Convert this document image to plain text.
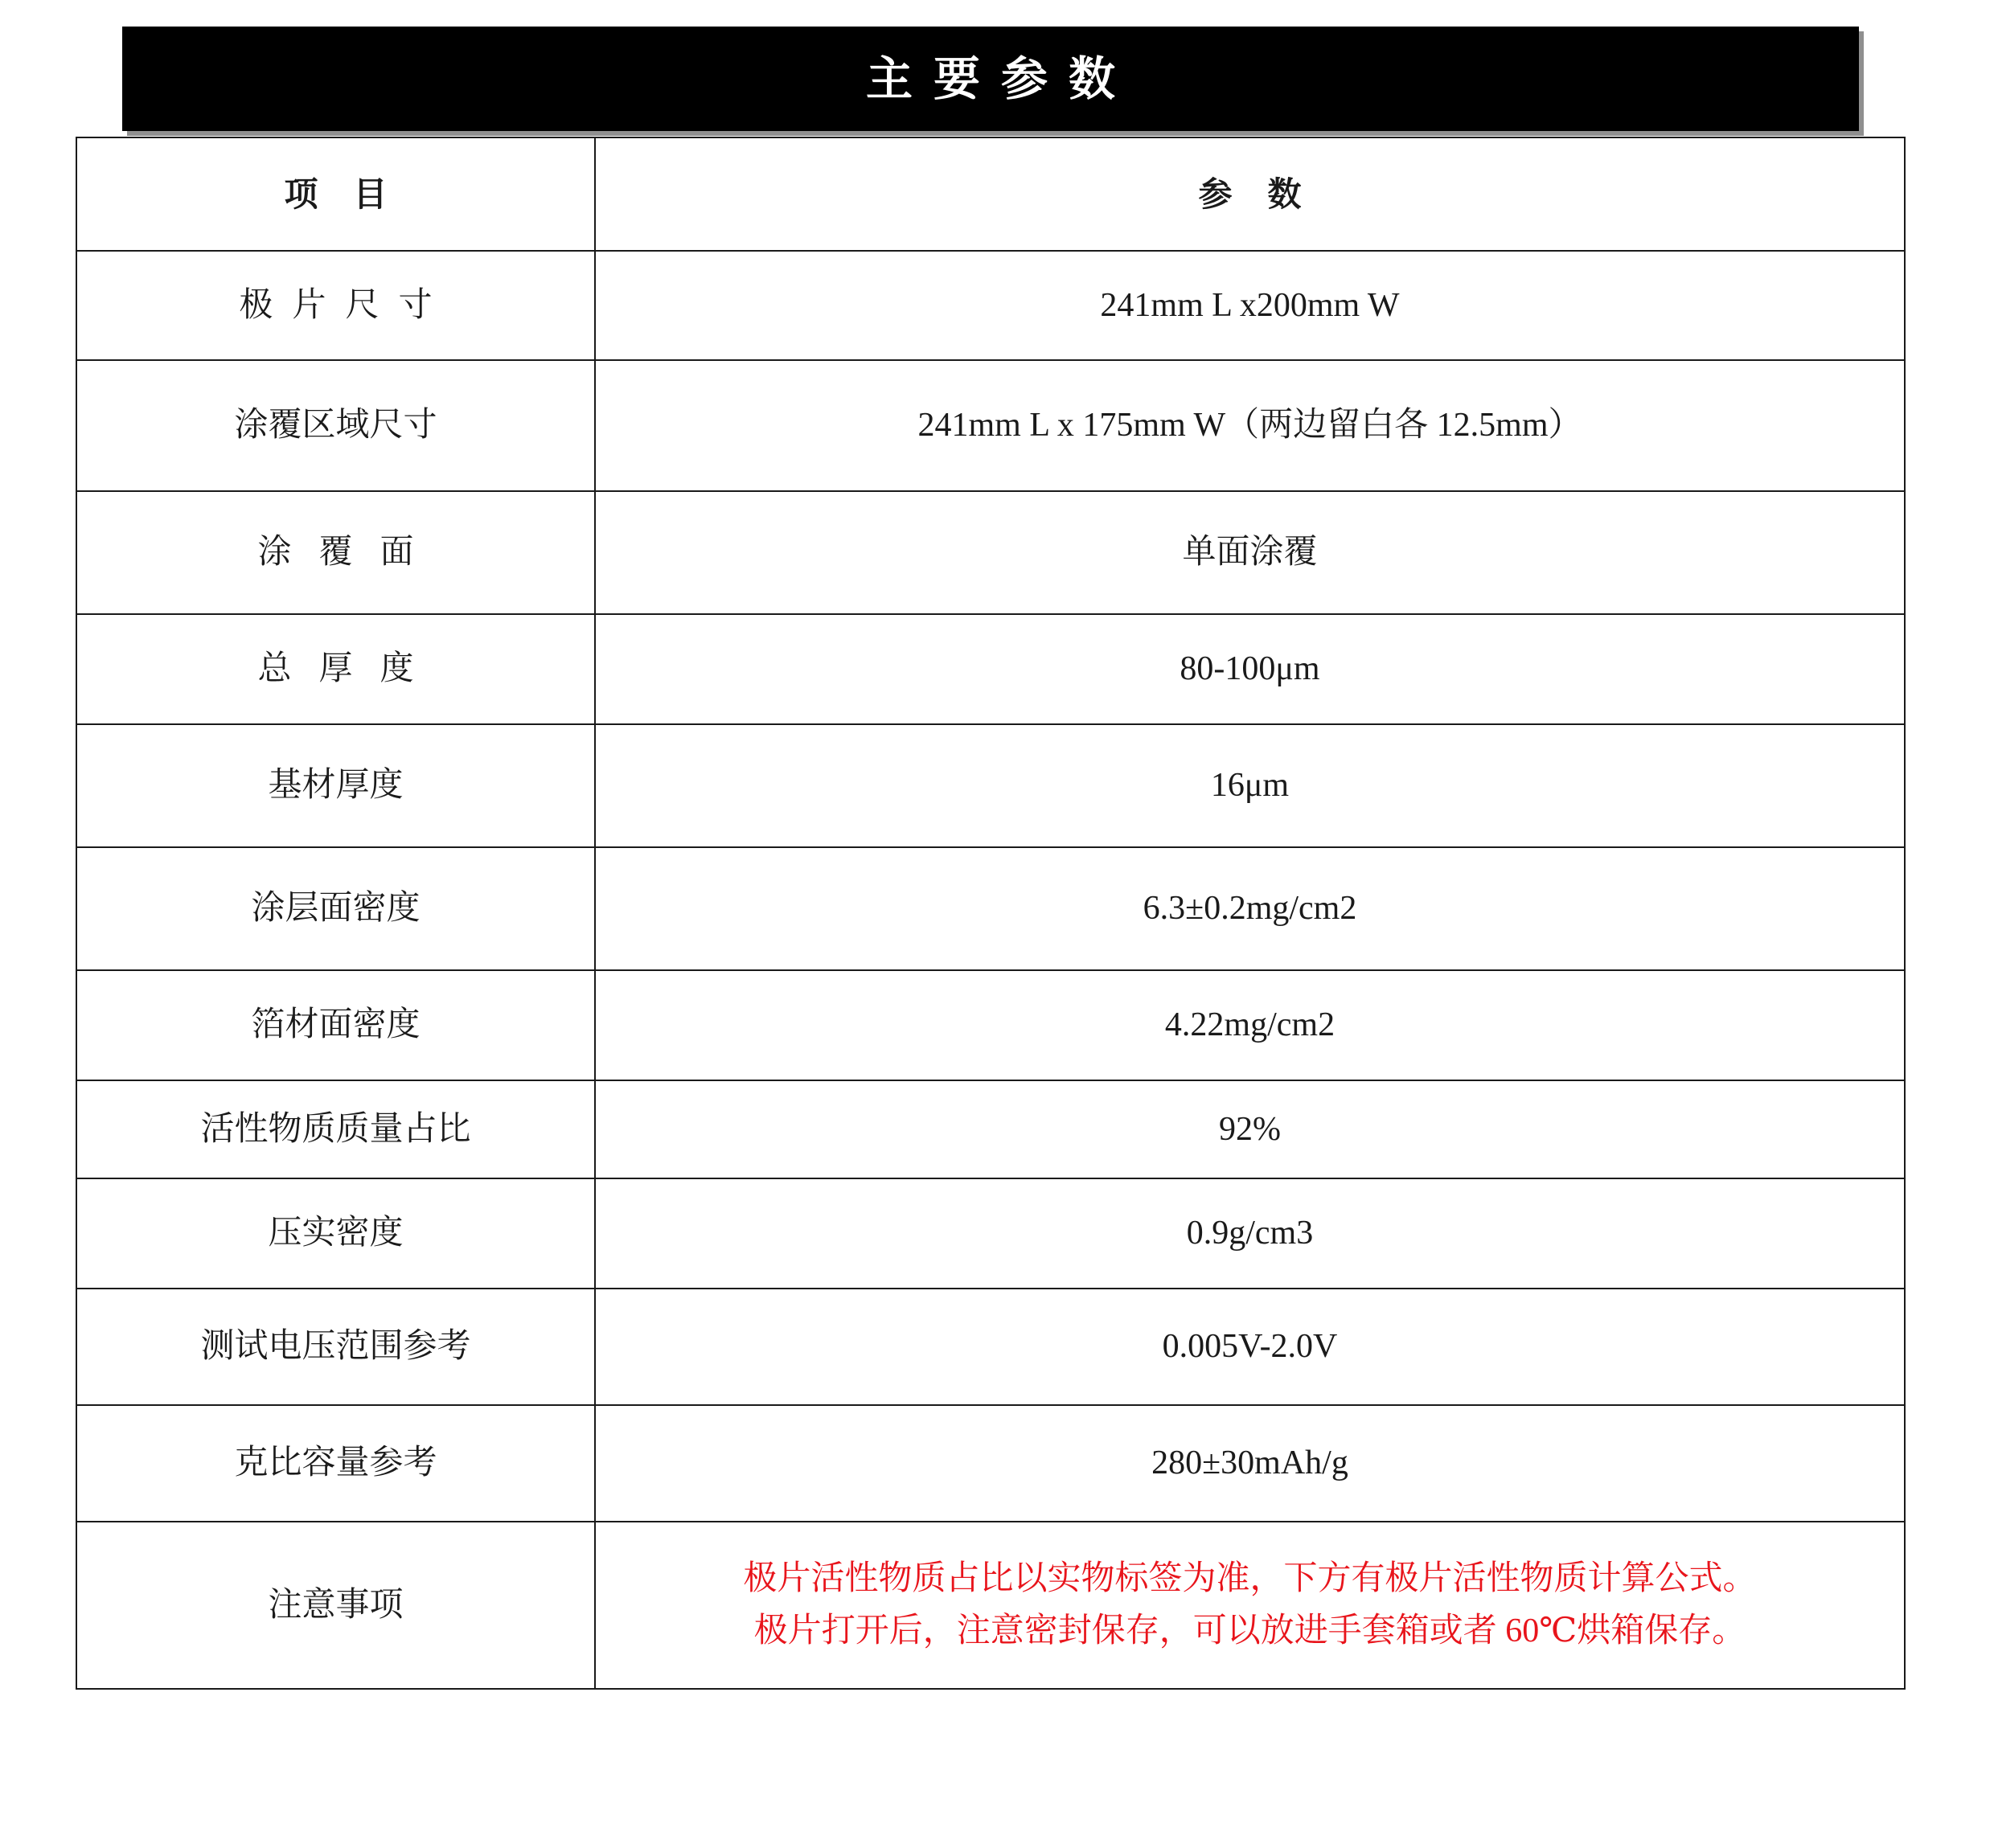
主要参数
项目	参数
极片尺寸	241mm L x200mm W
涂覆区域尺寸	241mm L x 175mm W（两边留白各 12.5mm）
涂覆面	单面涂覆
总厚度	80-100μm
基材厚度	16μm
涂层面密度	6.3±0.2mg/cm2
箔材面密度	4.22mg/cm2
活性物质质量占比	92%
压实密度	0.9g/cm3
测试电压范围参考	0.005V-2.0V
克比容量参考	280±30mAh/g
注意事项	极片活性物质占比以实物标签为准，下方有极片活性物质计算公式。
极片打开后，注意密封保存，可以放进手套箱或者 60℃烘箱保存。
